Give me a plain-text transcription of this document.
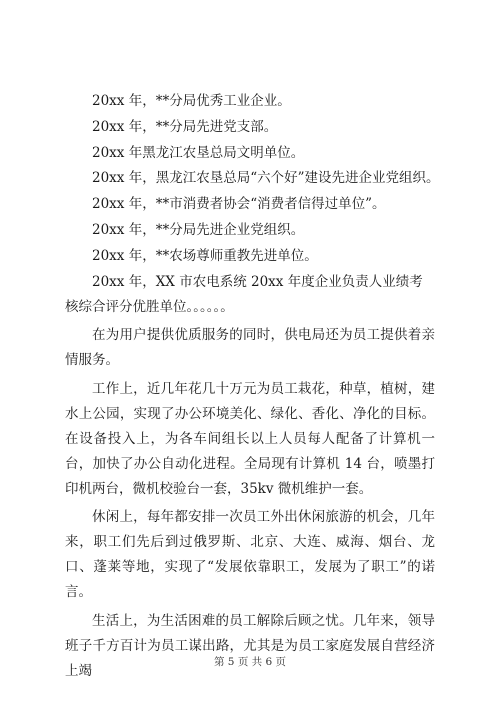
20xx 年，**分局优秀工业企业。
20xx 年，**分局先进党支部。
20xx 年黑龙江农垦总局文明单位。
20xx 年，黑龙江农垦总局“六个好”建设先进企业党组织。
20xx 年，**市消费者协会“消费者信得过单位”。
20xx 年，**分局先进企业党组织。
20xx 年，**农场尊师重教先进单位。
20xx 年，XX 市农电系统 20xx 年度企业负责人业绩考核综合评分优胜单位。。。。。。
在为用户提供优质服务的同时，供电局还为员工提供着亲情服务。
工作上，近几年花几十万元为员工栽花，种草，植树，建水上公园，实现了办公环境美化、绿化、香化、净化的目标。在设备投入上，为各车间组长以上人员每人配备了计算机一台，加快了办公自动化进程。全局现有计算机 14 台，喷墨打印机两台，微机校验台一套，35kv 微机维护一套。
休闲上，每年都安排一次员工外出休闲旅游的机会，几年来，职工们先后到过俄罗斯、北京、大连、威海、烟台、龙口、蓬莱等地，实现了“发展依靠职工，发展为了职工”的诺言。
生活上，为生活困难的员工解除后顾之忧。几年来，领导班子千方百计为员工谋出路，尤其是为员工家庭发展自营经济上竭
第 5 页 共 6 页
